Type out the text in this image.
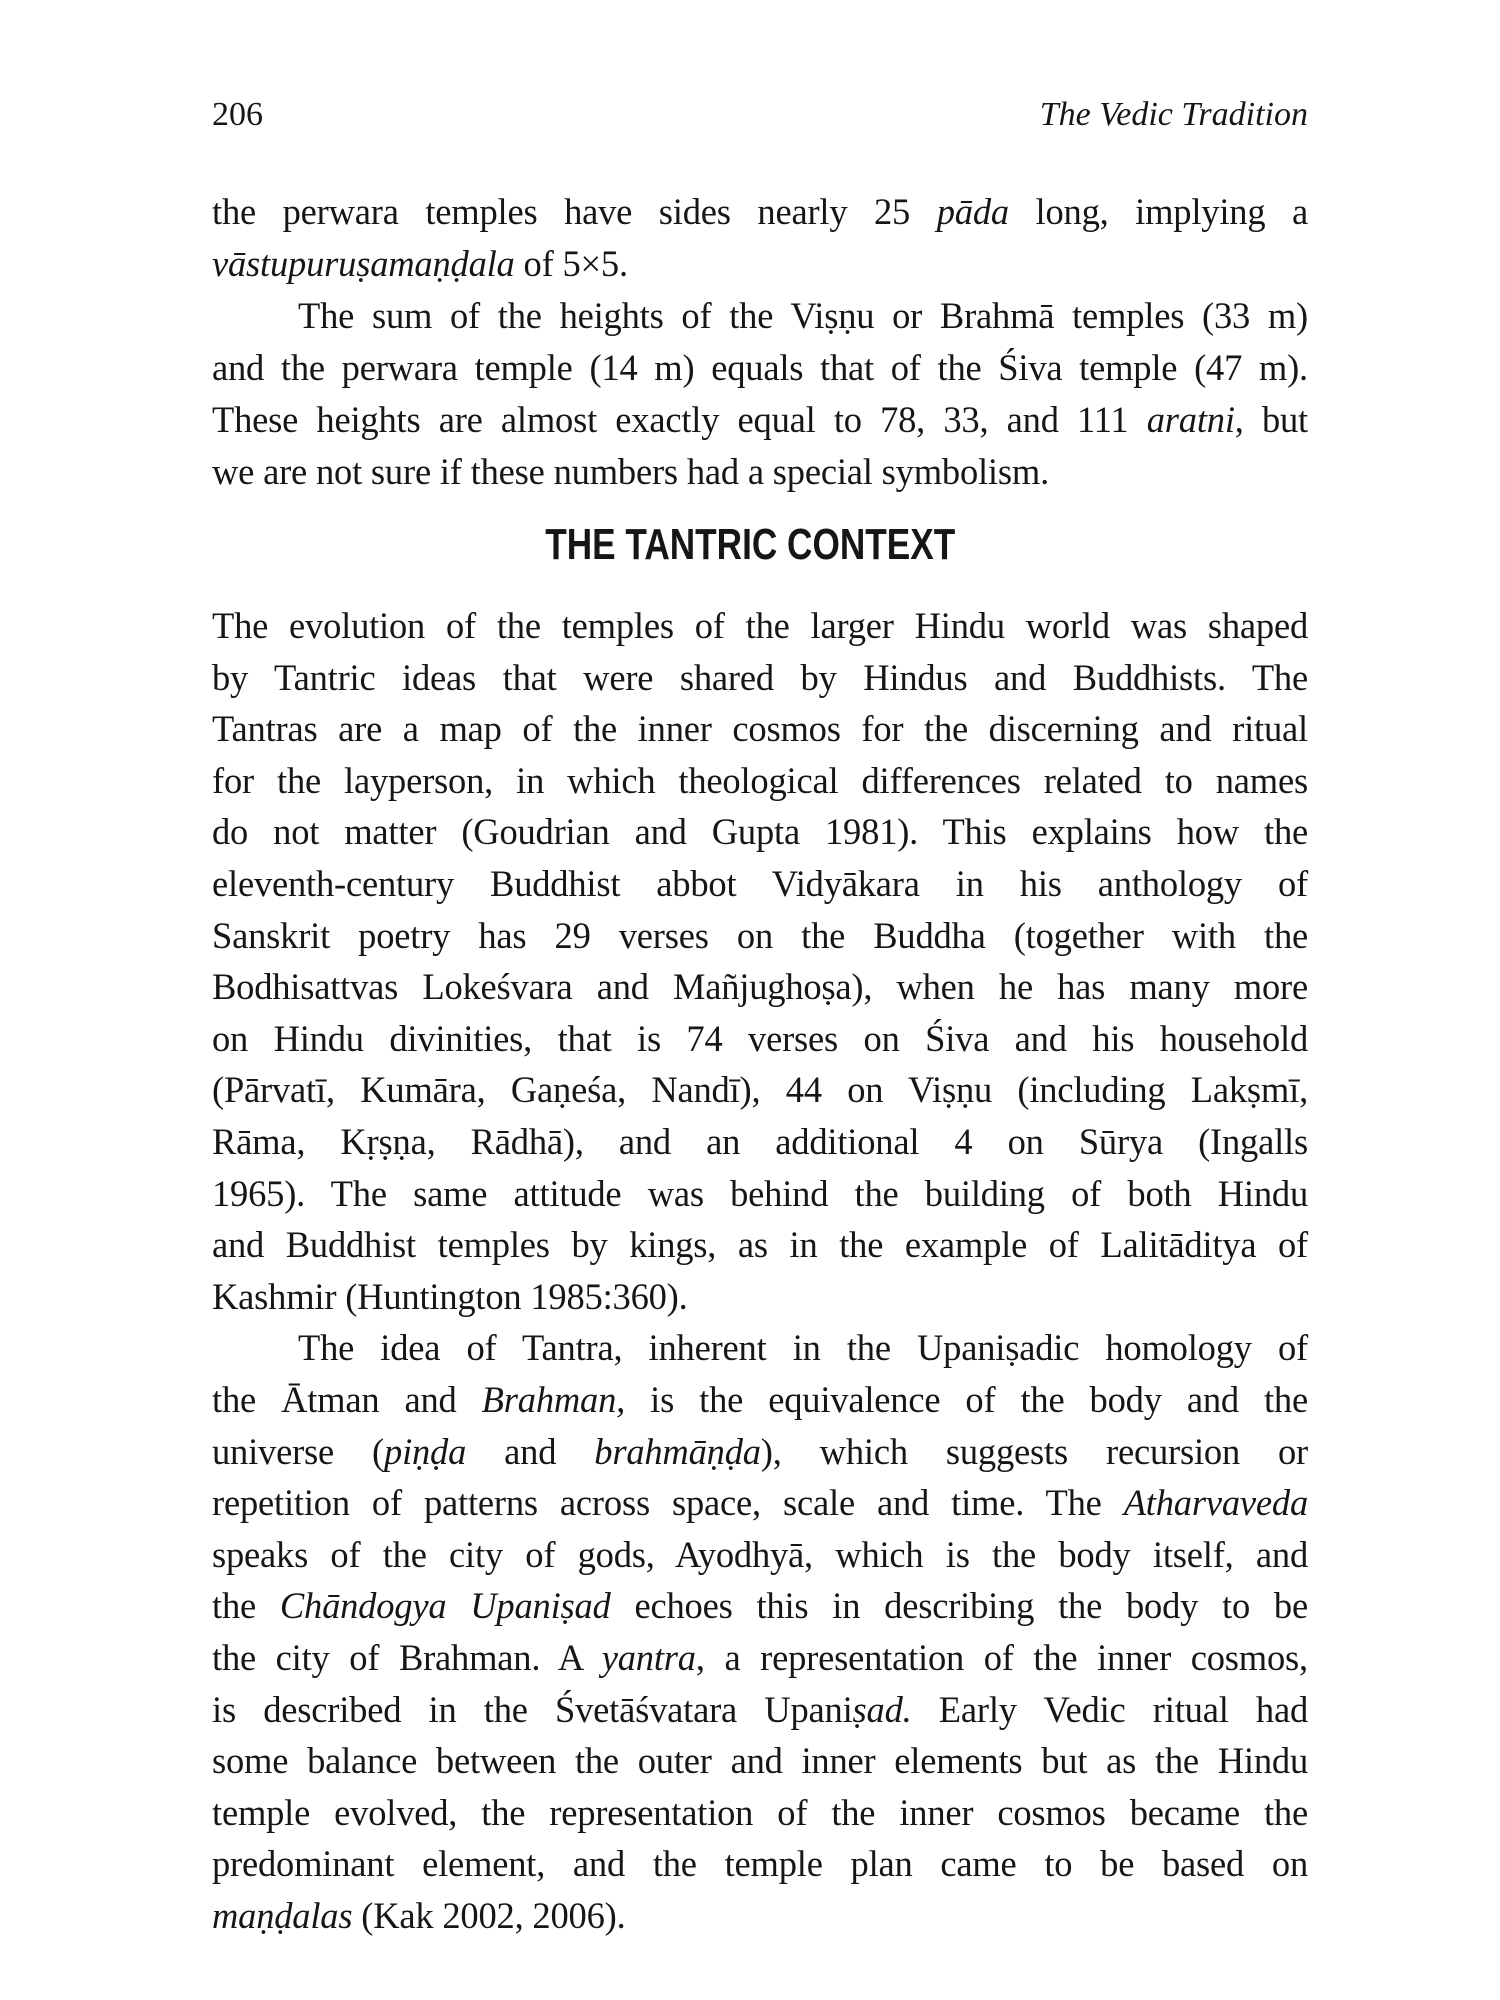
206	The Vedic Tradition
the perwara temples have sides nearly 25 pāda long, implying a
vāstupuruṣamaṇḍala of 5×5.
The sum of the heights of the Viṣṇu or Brahmā temples (33 m)
and the perwara temple (14 m) equals that of the Śiva temple (47 m).
These heights are almost exactly equal to 78, 33, and 111 aratni, but
we are not sure if these numbers had a special symbolism.
THE TANTRIC CONTEXT
The evolution of the temples of the larger Hindu world was shaped
by Tantric ideas that were shared by Hindus and Buddhists. The
Tantras are a map of the inner cosmos for the discerning and ritual
for the layperson, in which theological differences related to names
do not matter (Goudrian and Gupta 1981). This explains how the
eleventh-century Buddhist abbot Vidyākara in his anthology of
Sanskrit poetry has 29 verses on the Buddha (together with the
Bodhisattvas Lokeśvara and Mañjughoṣa), when he has many more
on Hindu divinities, that is 74 verses on Śiva and his household
(Pārvatī, Kumāra, Gaṇeśa, Nandī), 44 on Viṣṇu (including Lakṣmī,
Rāma, Kṛṣṇa, Rādhā), and an additional 4 on Sūrya (Ingalls
1965). The same attitude was behind the building of both Hindu
and Buddhist temples by kings, as in the example of Lalitāditya of
Kashmir (Huntington 1985:360).
The idea of Tantra, inherent in the Upaniṣadic homology of
the Ātman and Brahman, is the equivalence of the body and the
universe (piṇḍa and brahmāṇḍa), which suggests recursion or
repetition of patterns across space, scale and time. The Atharvaveda
speaks of the city of gods, Ayodhyā, which is the body itself, and
the Chāndogya Upaniṣad echoes this in describing the body to be
the city of Brahman. A yantra, a representation of the inner cosmos,
is described in the Śvetāśvatara Upaniṣad. Early Vedic ritual had
some balance between the outer and inner elements but as the Hindu
temple evolved, the representation of the inner cosmos became the
predominant element, and the temple plan came to be based on
maṇḍalas (Kak 2002, 2006).
